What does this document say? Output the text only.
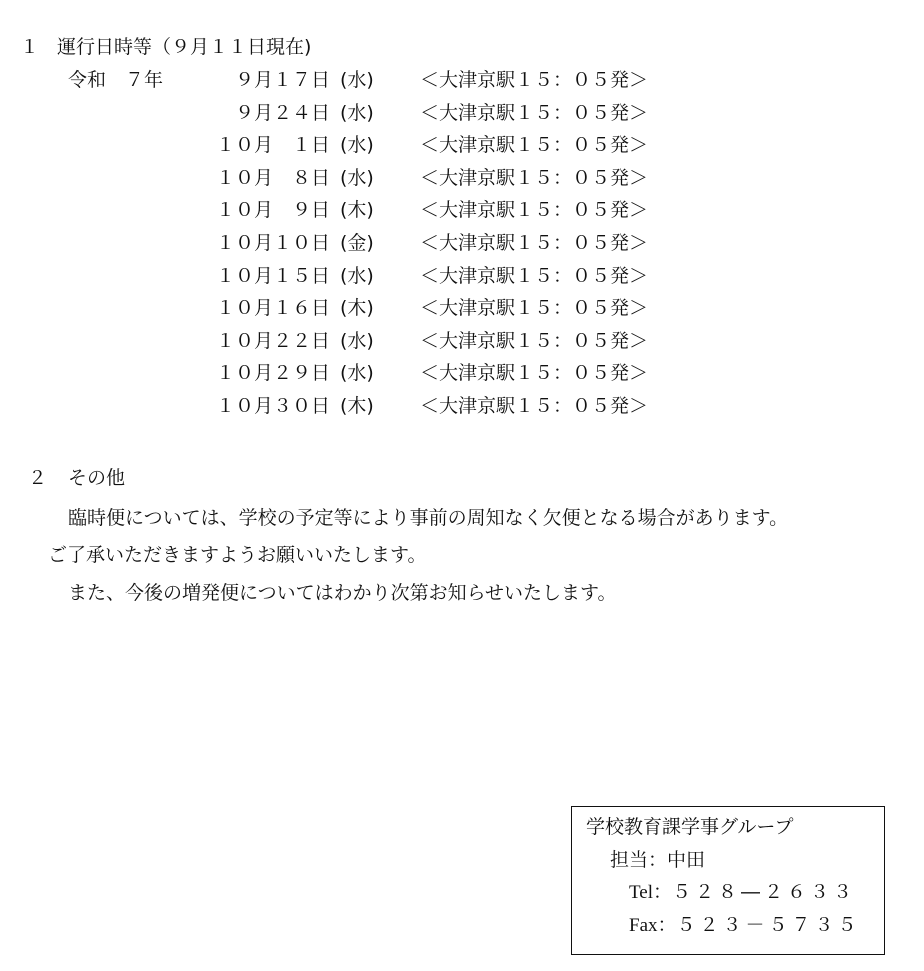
１ 運行日時等（９月１１日現在)
令和　７年	９月１７日 (水) ＜大津京駅１５：０５発＞
９月２４日 (水) ＜大津京駅１５：０５発＞
１０月　１日 (水) ＜大津京駅１５：０５発＞
１０月　８日 (水) ＜大津京駅１５：０５発＞
１０月　９日 (木) ＜大津京駅１５：０５発＞
１０月１０日 (金) ＜大津京駅１５：０５発＞
１０月１５日 (水) ＜大津京駅１５：０５発＞
１０月１６日 (木) ＜大津京駅１５：０５発＞
１０月２２日 (水) ＜大津京駅１５：０５発＞
１０月２９日 (水) ＜大津京駅１５：０５発＞
１０月３０日 (木) ＜大津京駅１５：０５発＞
２ その他
臨時便については、学校の予定等により事前の周知なく欠便となる場合があります。
ご了承いただきますようお願いいたします。
また、今後の増発便についてはわかり次第お知らせいたします。
学校教育課学事グループ
担当：中田
Tel：５２８―２６３３
Fax：５２３－５７３５
